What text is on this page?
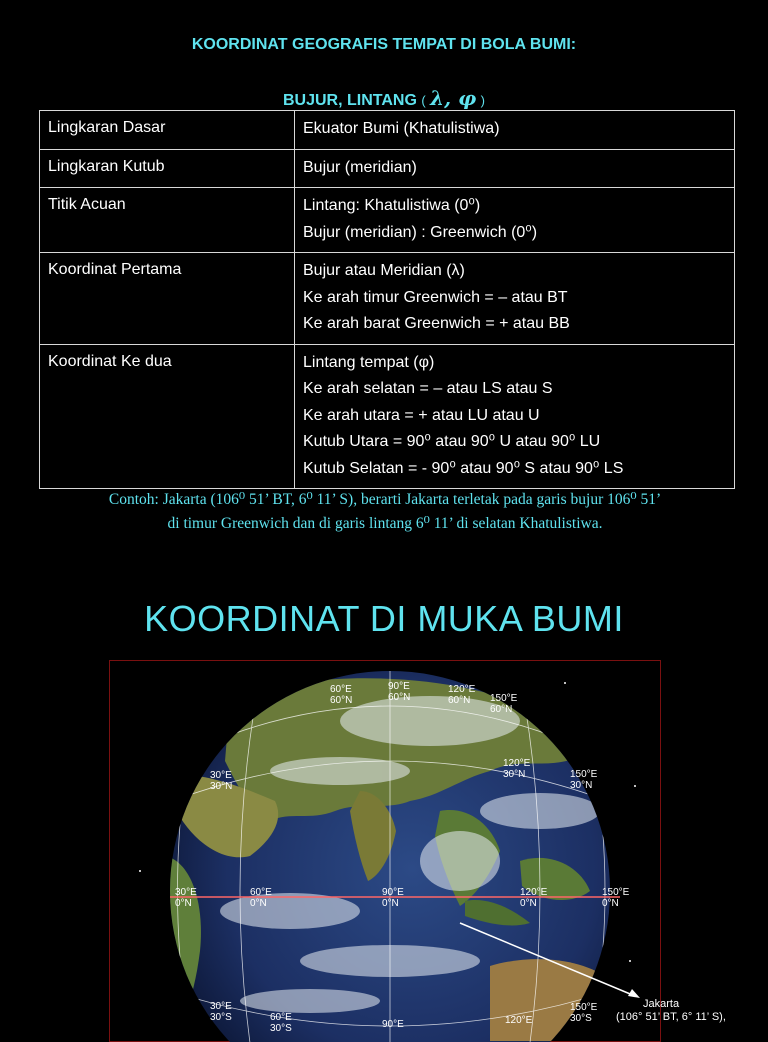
KOORDINAT GEOGRAFIS TEMPAT DI BOLA BUMI:
BUJUR, LINTANG ( λ, φ )
Lingkaran Dasar	Ekuator Bumi (Khatulistiwa)

Lingkaran Kutub	Bujur (meridian)

Titik Acuan	Lintang: Khatulistiwa (0⁰)
Bujur (meridian) : Greenwich (0⁰)

Koordinat Pertama	Bujur atau Meridian (λ)
Ke arah timur Greenwich = – atau BT
Ke arah barat Greenwich = + atau BB

Koordinat Ke dua	Lintang tempat (φ)
Ke arah selatan = – atau LS atau S
Ke arah utara = + atau LU atau U
Kutub Utara = 90⁰ atau 90⁰ U atau 90⁰ LU
Kutub Selatan = - 90⁰ atau 90⁰ S atau 90⁰ LS
Contoh: Jakarta (106⁰ 51’ BT, 6⁰ 11’ S), berarti Jakarta terletak pada garis bujur 106⁰ 51’
di timur Greenwich dan di garis lintang 6⁰ 11’ di selatan Khatulistiwa.
KOORDINAT DI MUKA BUMI
60°E
60°N
90°E
60°N
120°E
60°N 150°E
60°N
30°E
30°N
120°E
30°N	150°E
30°N
30°E
0°N
60°E
0°N
90°E
0°N
120°E
0°N
150°E
0°N
30°E
30°S	60°E
30°S	90°E	120°E
150°E
30°S
Jakarta
(106° 51’ BT, 6° 11’ S),
